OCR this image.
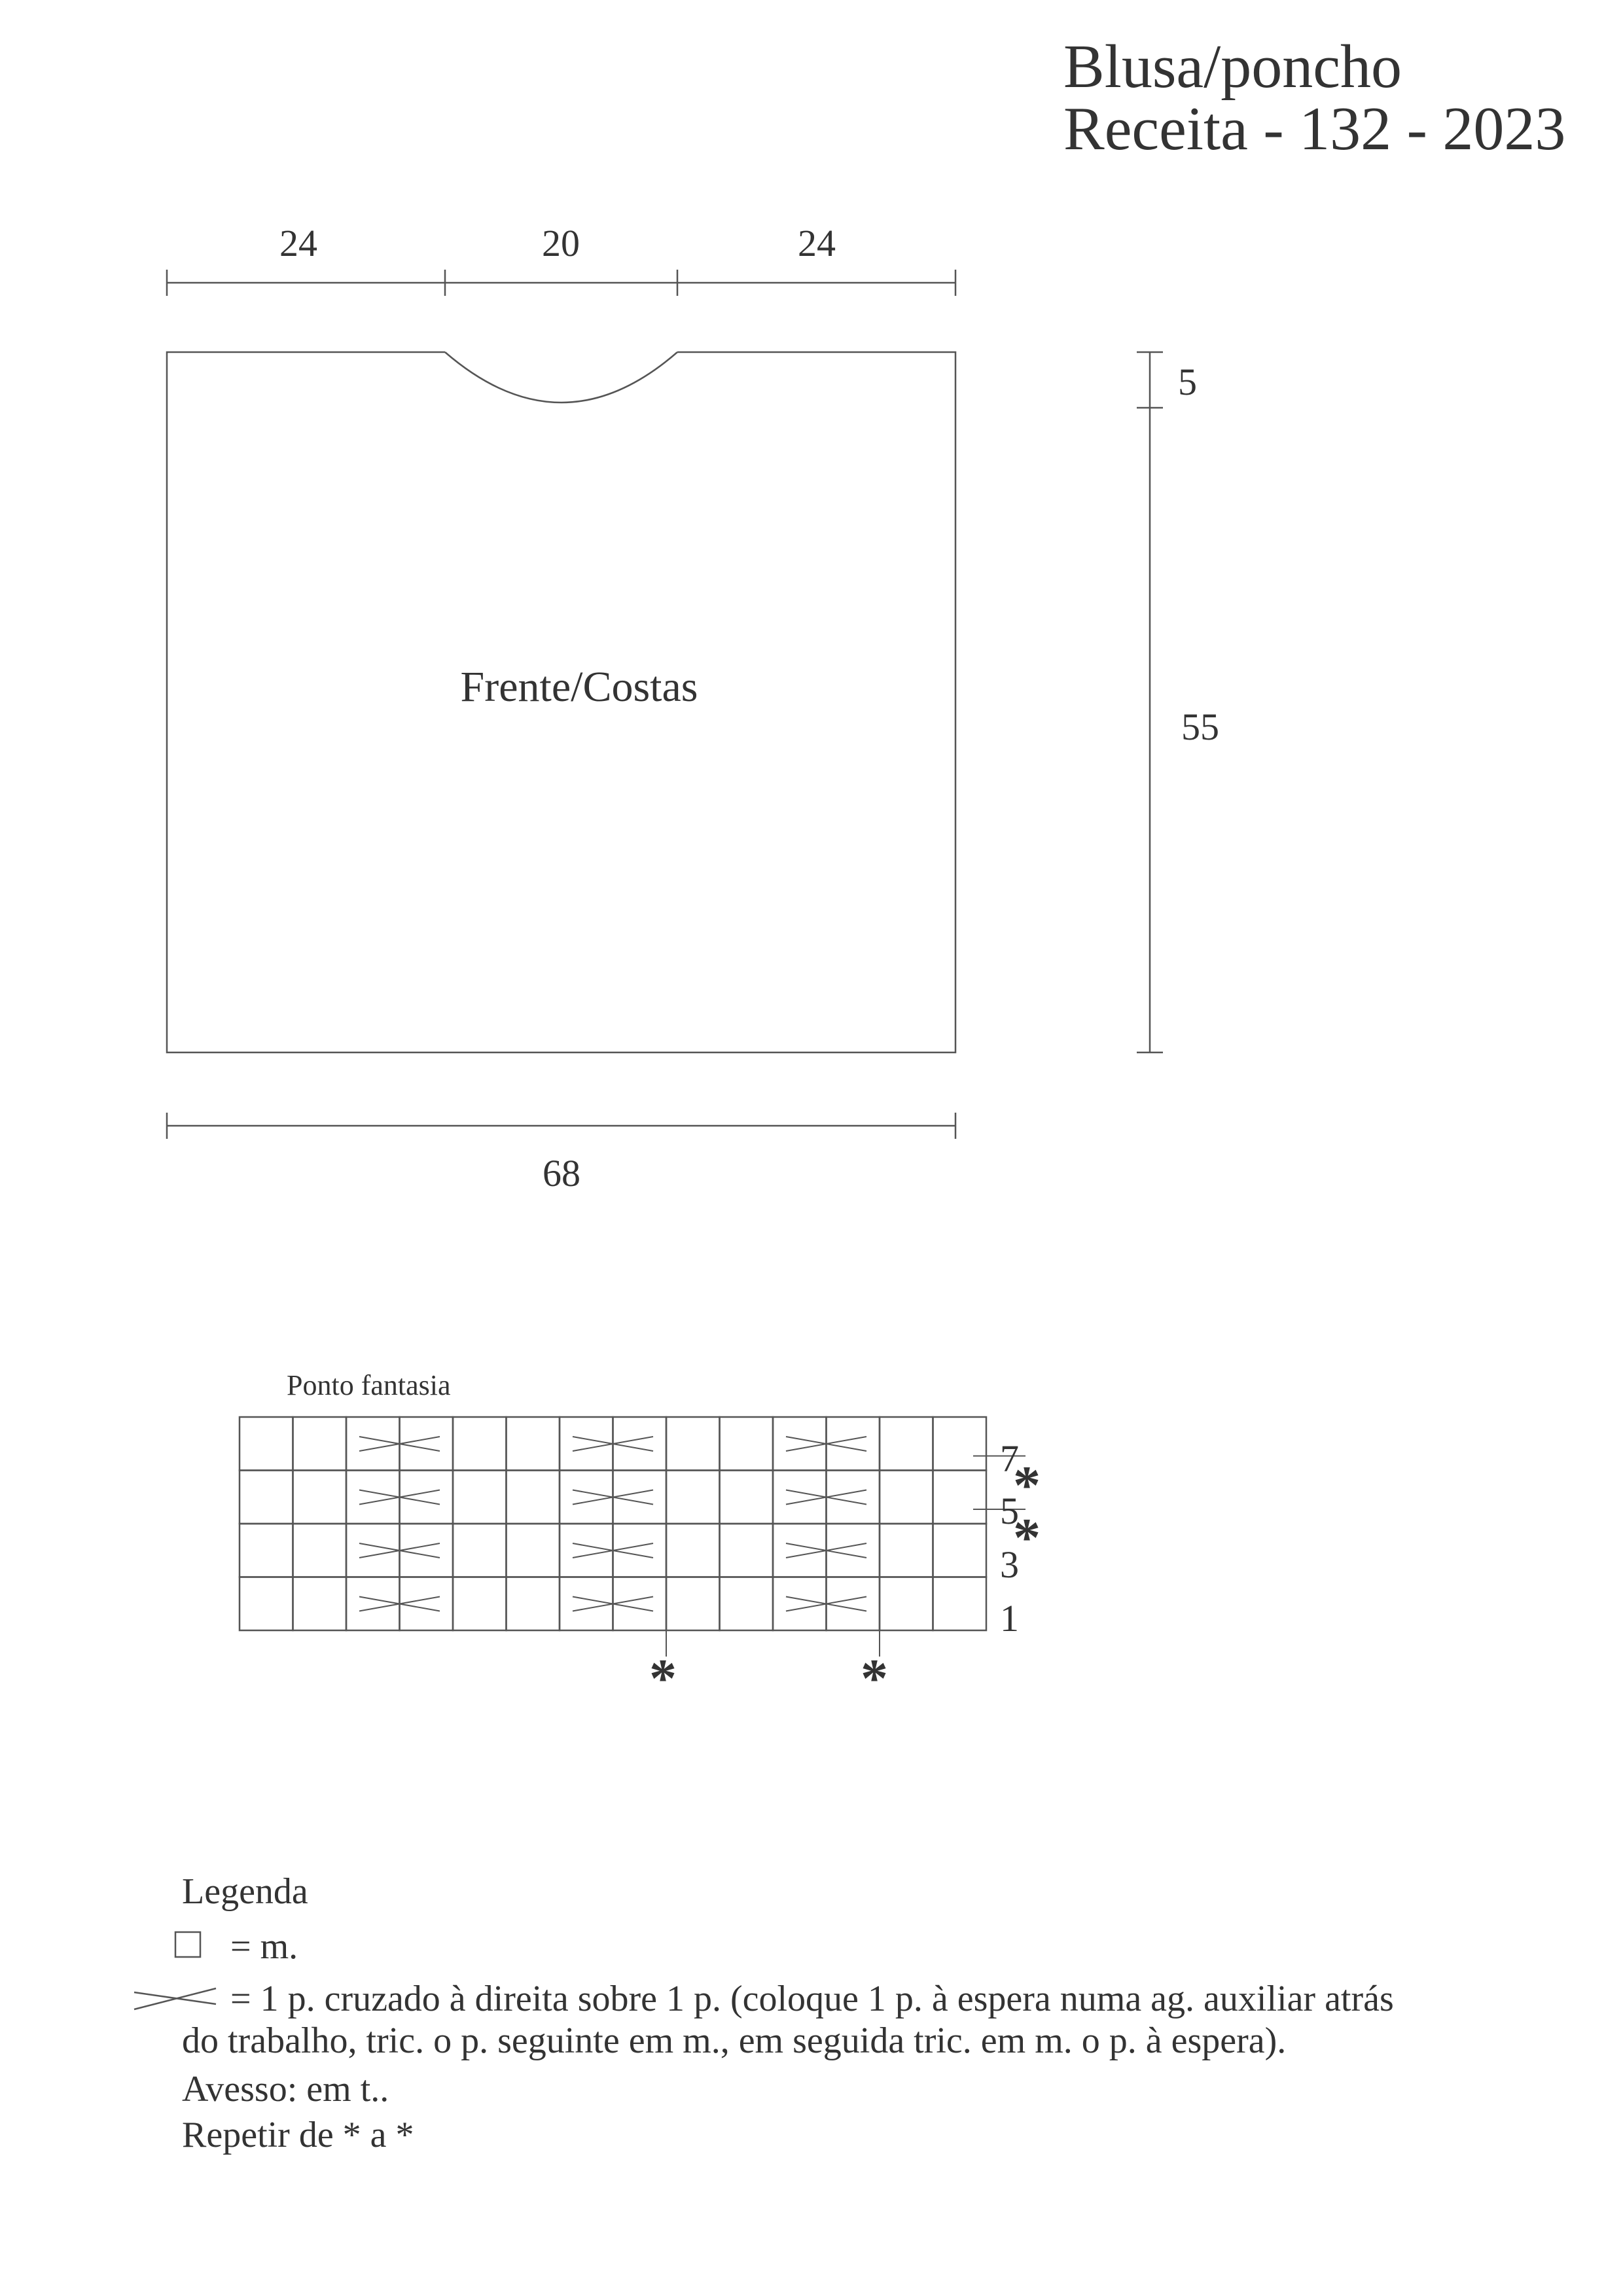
Blusa/poncho
Receita - 132 - 2023
24	20	24
5
55
68
Frente/Costas
Ponto fantasia
7
5
3
1
*
*
*	*
Legenda
= m.
= 1 p. cruzado à direita sobre 1 p. (coloque 1 p. à espera numa ag. auxiliar atrás
do trabalho, tric. o p. seguinte em m., em seguida tric. em m. o p. à espera).
Avesso: em t..
Repetir de * a *
